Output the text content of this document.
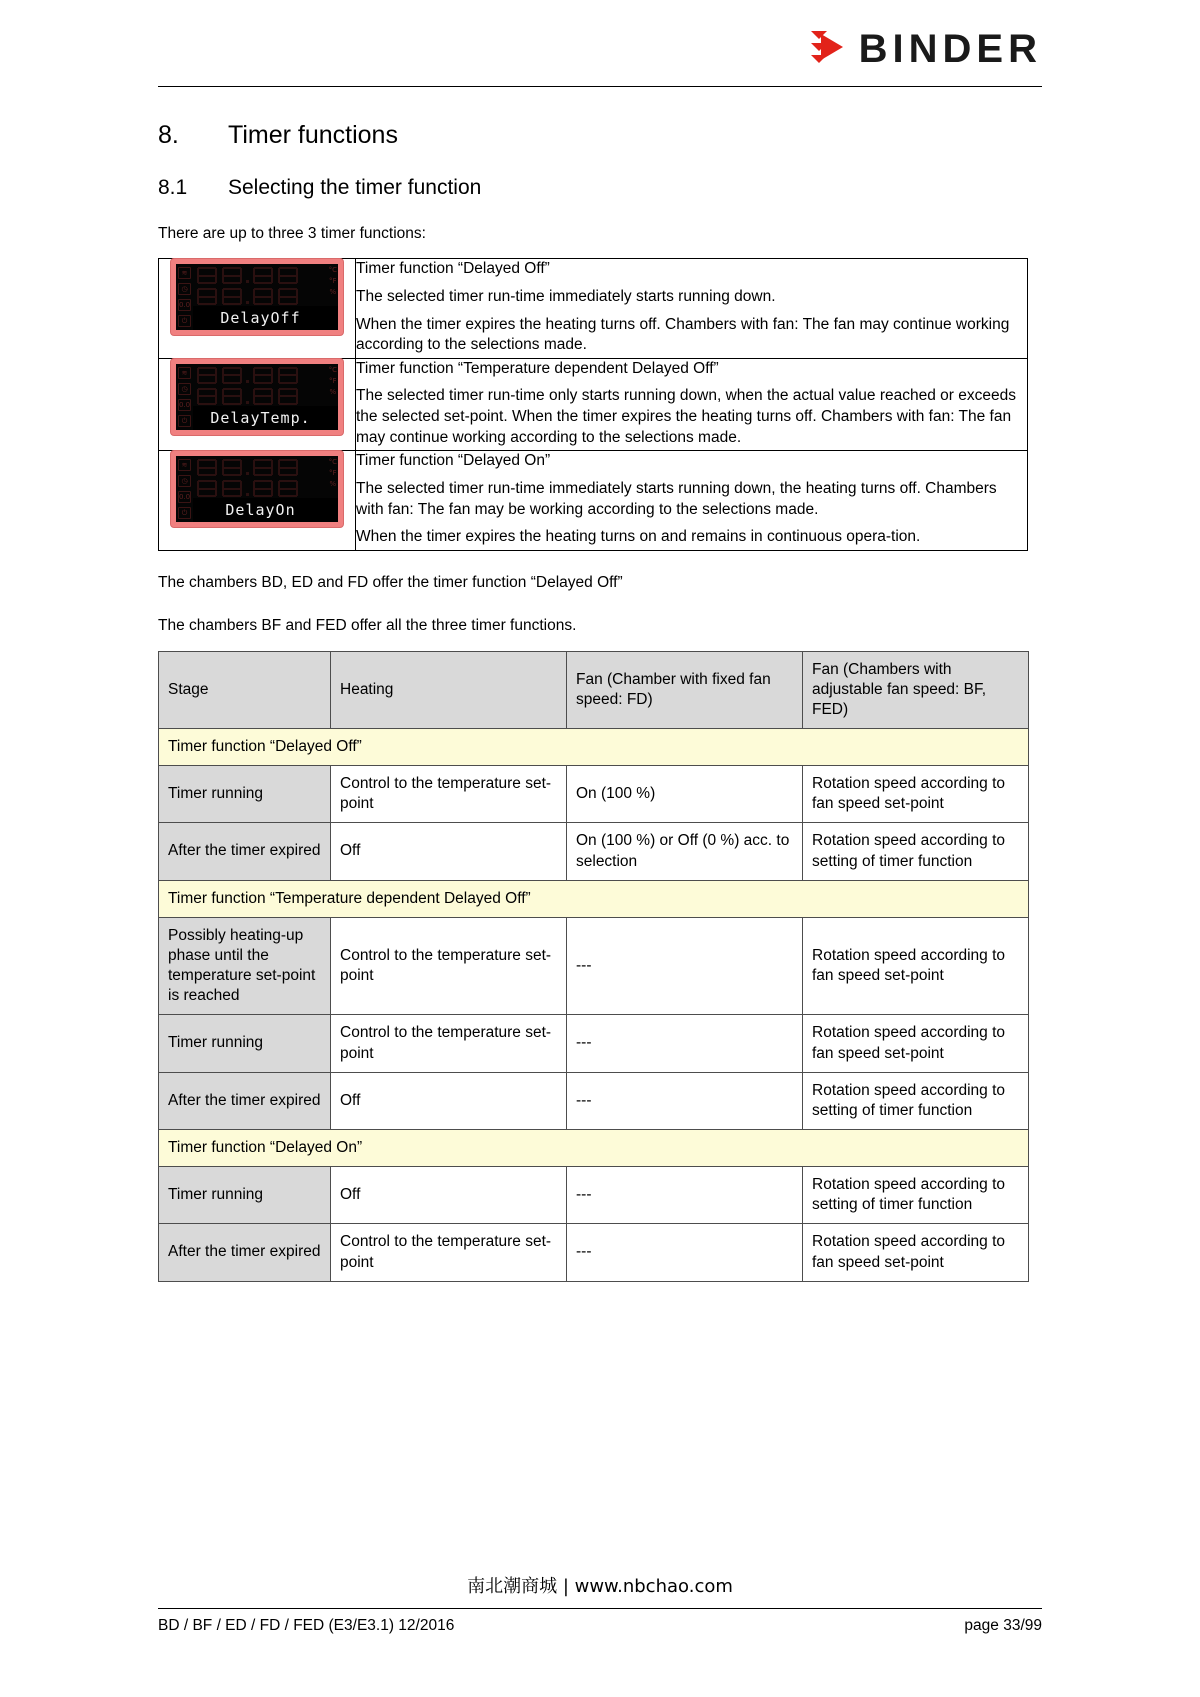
BINDER
8.	Timer functions
8.1	Selecting the timer function

There are up to three 3 timer functions:

≋
◷
0.0
⏻
°C
°F
%
DelayOff

Timer function “Delayed Off”
The selected timer run-time immediately starts running down.
When the timer expires the heating turns off. Chambers with fan: The fan may continue working according to the selections made.

≋
◷
0.0
⏻
°C
°F
%
DelayTemp.

Timer function “Temperature dependent Delayed Off”
The selected timer run-time only starts running down, when the actual value reached or exceeds the selected set-point. When the timer expires the heating turns off. Chambers with fan: The fan may continue working according to the selections made.

≋
◷
0.0
⏻
°C
°F
%
DelayOn

Timer function “Delayed On”
The selected timer run-time immediately starts running down, the heating turns off. Chambers with fan: The fan may be working according to the selections made.
When the timer expires the heating turns on and remains in continuous opera-tion.

The chambers BD, ED and FD offer the timer function “Delayed Off”

The chambers BF and FED offer all the three timer functions.

Stage	Heating	Fan (Chamber with fixed fan speed: FD)	Fan (Chambers with adjustable fan speed: BF, FED)
Timer function “Delayed Off”			
Timer running	Control to the temperature set-point	On (100 %)	Rotation speed according to fan speed set-point
After the timer expired	Off	On (100 %) or Off (0 %) acc. to selection	Rotation speed according to setting of timer function
Timer function “Temperature dependent Delayed Off”			
Possibly heating-up phase until the temperature set-point is reached	Control to the temperature set-point	---	Rotation speed according to fan speed set-point
Timer running	Control to the temperature set-point	---	Rotation speed according to fan speed set-point
After the timer expired	Off	---	Rotation speed according to setting of timer function
Timer function “Delayed On”			
Timer running	Off	---	Rotation speed according to setting of timer function
After the timer expired	Control to the temperature set-point	---	Rotation speed according to fan speed set-point
南北潮商城 | www.nbchao.com
BD / BF / ED / FD / FED (E3/E3.1) 12/2016	page 33/99
